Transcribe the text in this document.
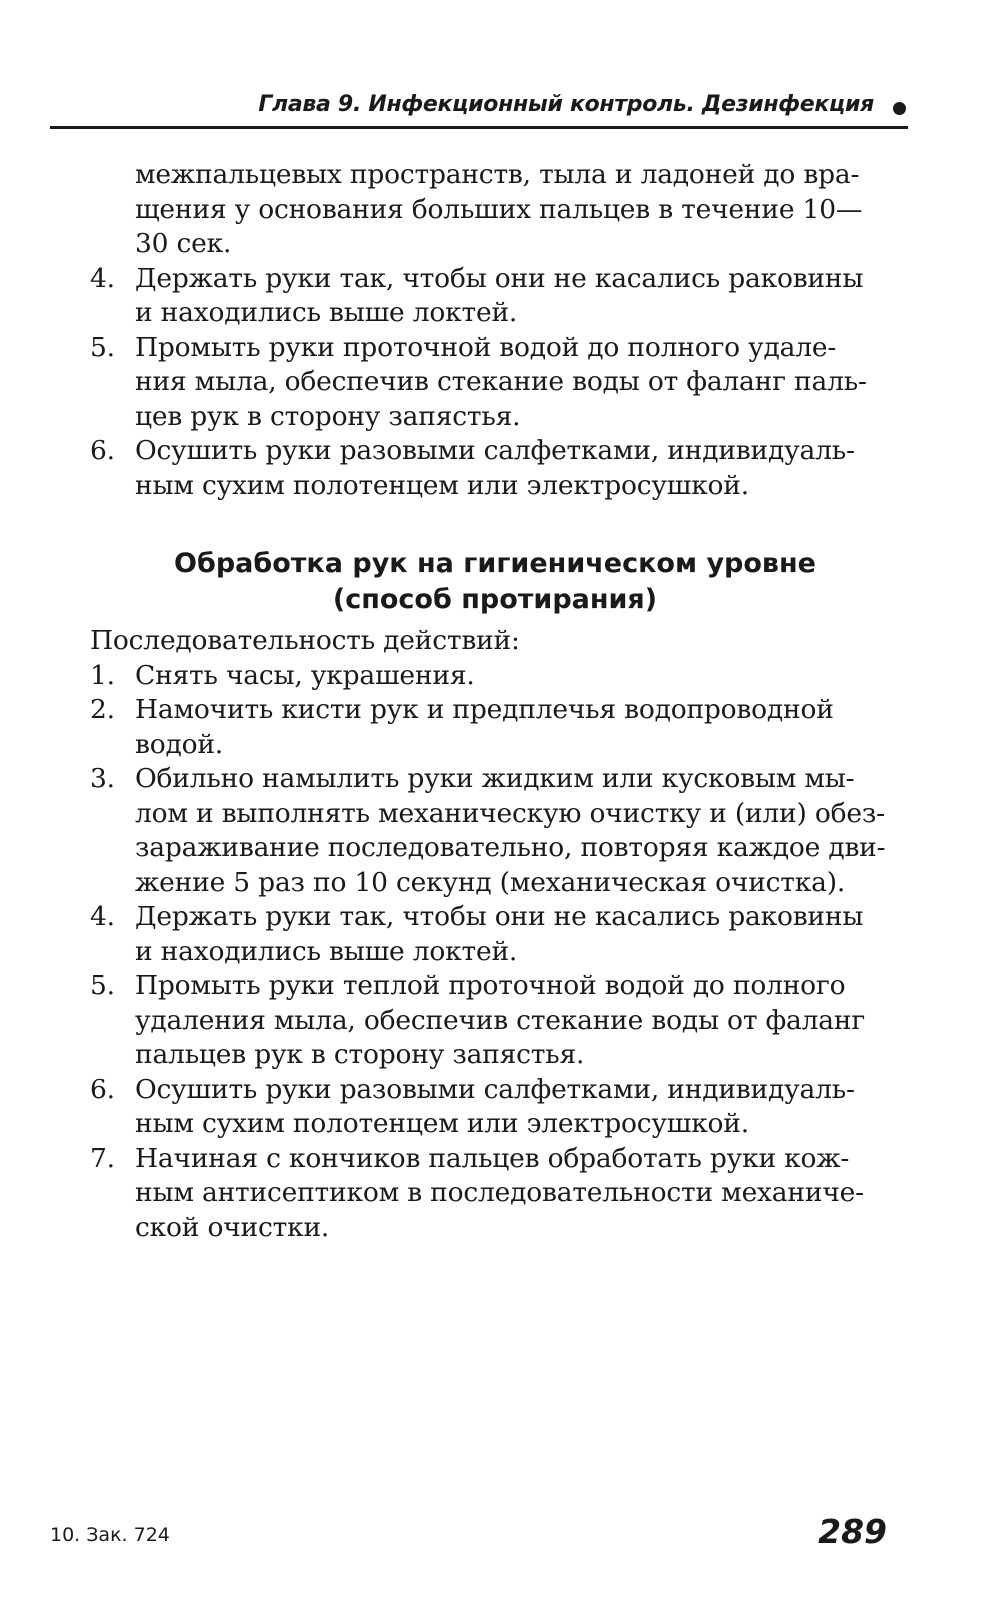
Глава 9. Инфекционный контроль. Дезинфекция
межпальцевых пространств, тыла и ладоней до вра-
щения у основания больших пальцев в течение 10—
30 сек.
4. Держать руки так, чтобы они не касались раковины
и находились выше локтей.
5. Промыть руки проточной водой до полного удале-
ния мыла, обеспечив стекание воды от фаланг паль-
цев рук в сторону запястья.
6. Осушить руки разовыми салфетками, индивидуаль-
ным сухим полотенцем или электросушкой.
Обработка рук на гигиеническом уровне
(способ протирания)
Последовательность действий:
1. Снять часы, украшения.
2. Намочить кисти рук и предплечья водопроводной
водой.
3. Обильно намылить руки жидким или кусковым мы-
лом и выполнять механическую очистку и (или) обез-
зараживание последовательно, повторяя каждое дви-
жение 5 раз по 10 секунд (механическая очистка).
4. Держать руки так, чтобы они не касались раковины
и находились выше локтей.
5. Промыть руки теплой проточной водой до полного
удаления мыла, обеспечив стекание воды от фаланг
пальцев рук в сторону запястья.
6. Осушить руки разовыми салфетками, индивидуаль-
ным сухим полотенцем или электросушкой.
7. Начиная с кончиков пальцев обработать руки кож-
ным антисептиком в последовательности механиче-
ской очистки.
10. Зак. 724	289
